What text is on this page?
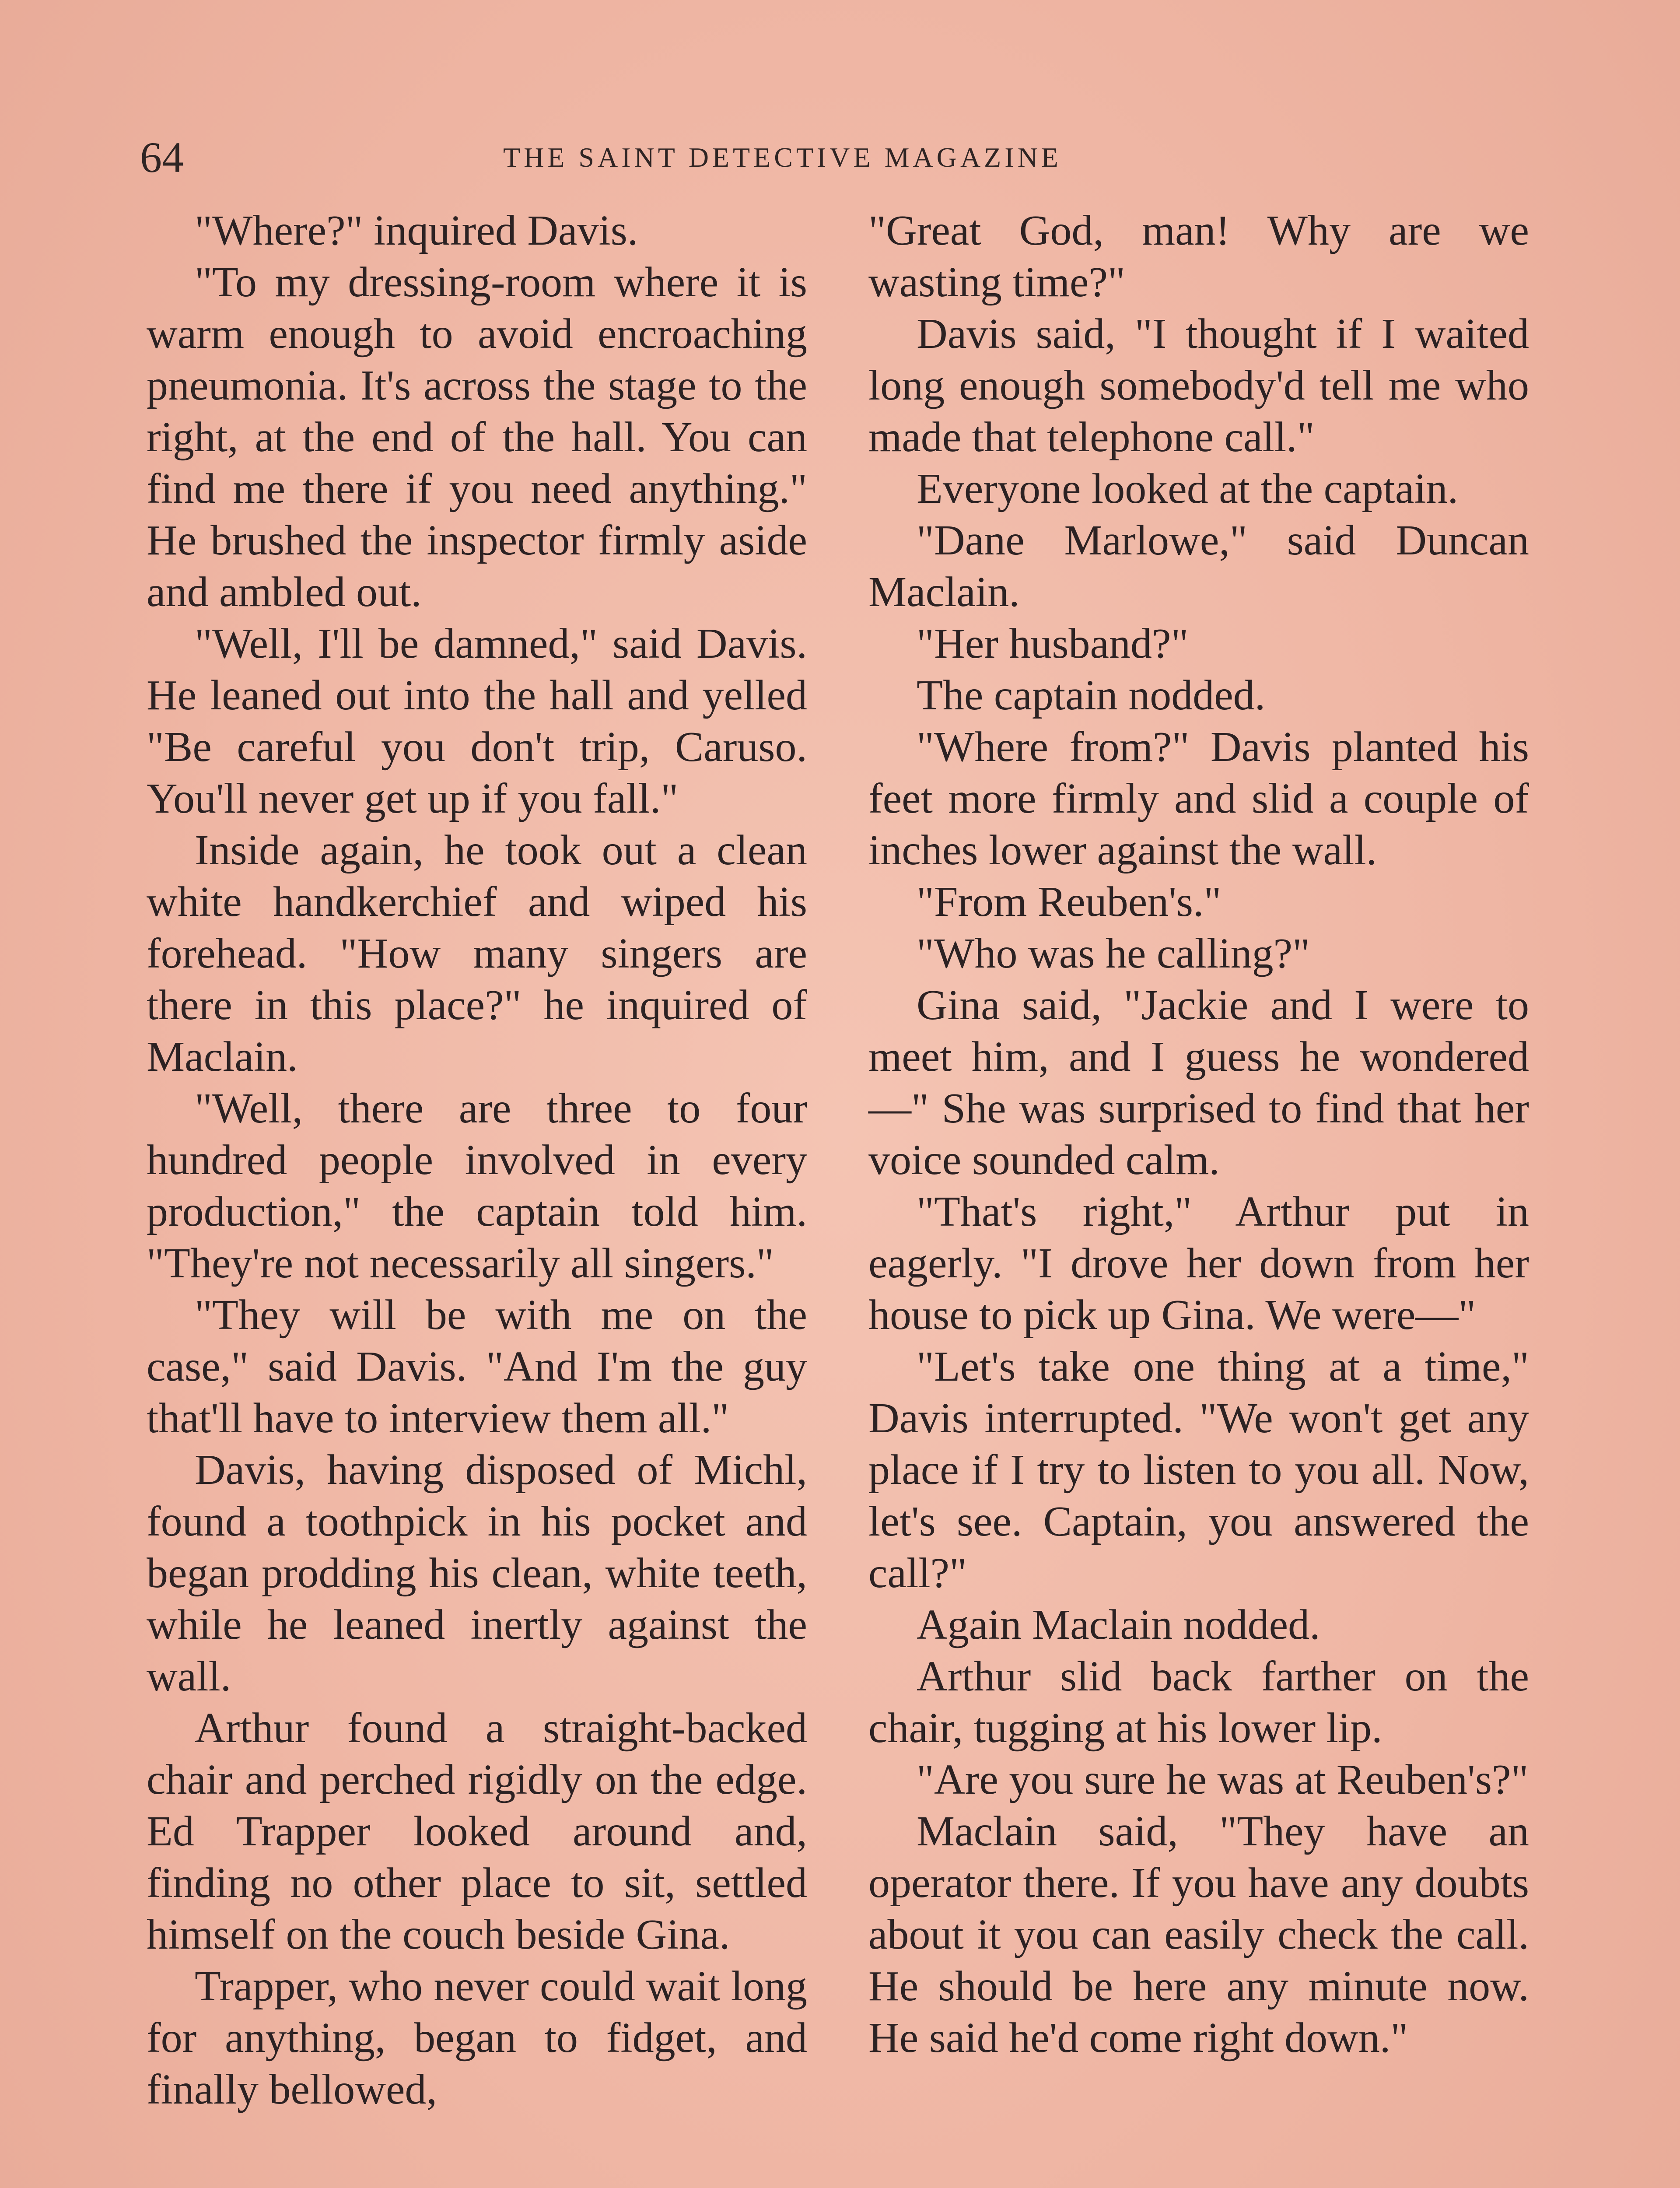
64	THE SAINT DETECTIVE MAGAZINE

"Where?" inquired Davis.

"To my dressing-room where it is warm enough to avoid encroaching pneumonia. It's across the stage to the right, at the end of the hall. You can find me there if you need anything." He brushed the inspector firmly aside and ambled out.

"Well, I'll be damned," said Davis. He leaned out into the hall and yelled "Be careful you don't trip, Caruso. You'll never get up if you fall."

Inside again, he took out a clean white handkerchief and wiped his forehead. "How many singers are there in this place?" he inquired of Maclain.

"Well, there are three to four hundred people involved in every production," the captain told him. "They're not necessarily all singers."

"They will be with me on the case," said Davis. "And I'm the guy that'll have to interview them all."

Davis, having disposed of Michl, found a toothpick in his pocket and began prodding his clean, white teeth, while he leaned inertly against the wall.

Arthur found a straight-backed chair and perched rigidly on the edge. Ed Trapper looked around and, finding no other place to sit, settled himself on the couch beside Gina.

Trapper, who never could wait long for anything, began to fidget, and finally bellowed,

"Great God, man! Why are we wasting time?"

Davis said, "I thought if I waited long enough somebody'd tell me who made that telephone call."

Everyone looked at the captain.

"Dane Marlowe," said Duncan Maclain.

"Her husband?"

The captain nodded.

"Where from?" Davis planted his feet more firmly and slid a couple of inches lower against the wall.

"From Reuben's."

"Who was he calling?"

Gina said, "Jackie and I were to meet him, and I guess he wondered—" She was surprised to find that her voice sounded calm.

"That's right," Arthur put in eagerly. "I drove her down from her house to pick up Gina. We were—"

"Let's take one thing at a time," Davis interrupted. "We won't get any place if I try to listen to you all. Now, let's see. Captain, you answered the call?"

Again Maclain nodded.

Arthur slid back farther on the chair, tugging at his lower lip.

"Are you sure he was at Reuben's?"

Maclain said, "They have an operator there. If you have any doubts about it you can easily check the call. He should be here any minute now. He said he'd come right down."
